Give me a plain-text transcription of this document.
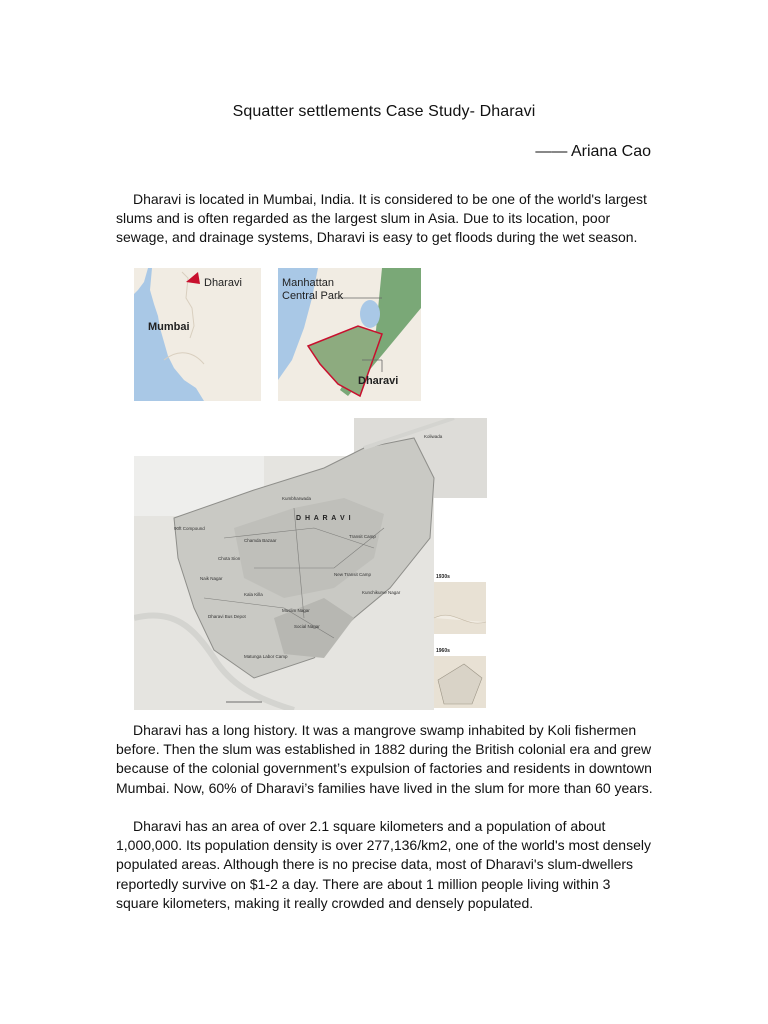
Squatter settlements Case Study- Dharavi
—— Ariana Cao

Dharavi is located in Mumbai, India. It is considered to be one of the world's largest slums and is often regarded as the largest slum in Asia. Due to its location, poor sewage, and drainage systems, Dharavi is easy to get floods during the wet season.

Dharavi
Mumbai
Manhattan
Central Park
Dharavi
D H A R A V I
Kumbharwada
Chamda Bazaar
New Transit Camp
Kala Killa
Matunga Labor Camp
Koliwada
Transit Camp
Social Nagar
Dharavi Bus Depot
Naik Nagar
Kunchikurve Nagar
Muslim Nagar
90ft Compound
Chota Sion
1930s
1960s

Dharavi has a long history. It was a mangrove swamp inhabited by Koli fishermen before. Then the slum was established in 1882 during the British colonial era and grew because of the colonial government’s expulsion of factories and residents in downtown Mumbai. Now, 60% of Dharavi’s families have lived in the slum for more than 60 years.

Dharavi has an area of over 2.1 square kilometers and a population of about 1,000,000. Its population density is over 277,136/km2, one of the world's most densely populated areas. Although there is no precise data, most of Dharavi's slum-dwellers reportedly survive on $1-2 a day. There are about 1 million people living within 3 square kilometers, making it really crowded and densely populated.
